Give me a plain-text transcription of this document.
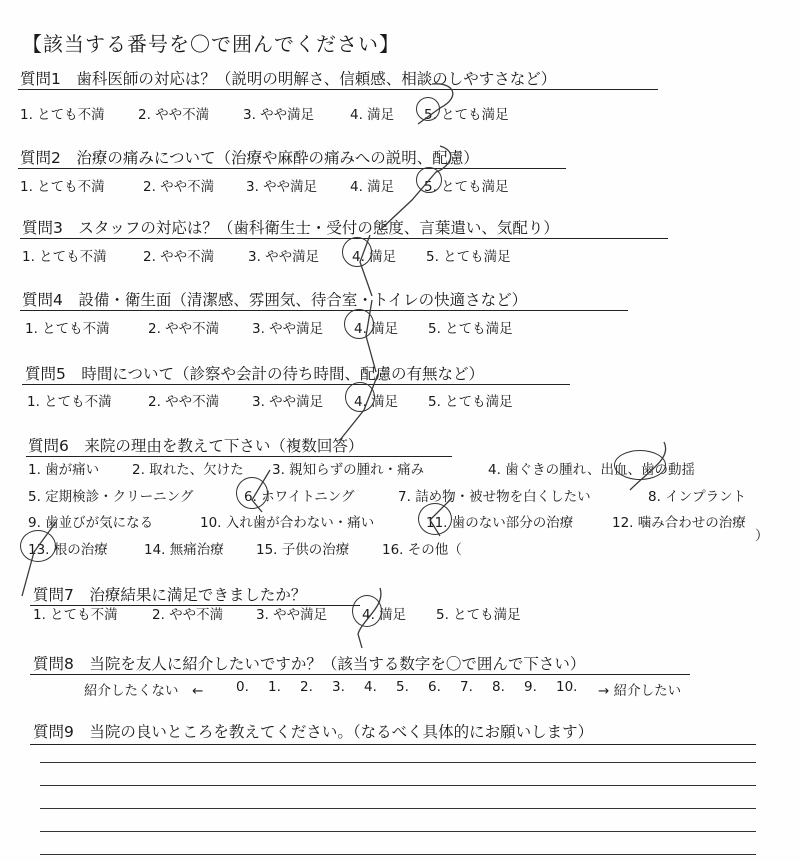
【該当する番号を〇で囲んでください】
質問1　歯科医師の対応は？（説明の明解さ、信頼感、相談のしやすさなど）
1. とても不満 2. やや不満	3. やや満足	4. 満足 5. とても満足
質問2　治療の痛みについて（治療や麻酔の痛みへの説明、配慮）
1. とても不満	2. やや不満 3. やや満足 4. 満足 5. とても満足
質問3　スタッフの対応は？（歯科衛生士・受付の態度、言葉遣い、気配り）
1. とても不満	2. やや不満	3. やや満足 4. 満足 5. とても満足
質問4　設備・衛生面（清潔感、雰囲気、待合室・トイレの快適さなど）
1. とても不満	2. やや不満 3. やや満足 4. 満足 5. とても満足
質問5　時間について（診察や会計の待ち時間、配慮の有無など）
1. とても不満	2. やや不満 3. やや満足 4. 満足 5. とても満足
質問6　来院の理由を教えて下さい（複数回答）
1. 歯が痛い 2. 取れた、欠けた 3. 親知らずの腫れ・痛み	4. 歯ぐきの腫れ、出血、歯の動揺
5. 定期検診・クリーニング	6. ホワイトニング	7. 詰め物・被せ物を白くしたい	8. インプラント
9. 歯並びが気になる	10. 入れ歯が合わない・痛い	11. 歯のない部分の治療	12. 噛み合わせの治療
13. 根の治療	14. 無痛治療 15. 子供の治療 16. その他（
）
質問7　治療結果に満足できましたか？
1. とても不満	2. やや不満 3. やや満足	4. 満足 5. とても満足
質問8　当院を友人に紹介したいですか？（該当する数字を〇で囲んで下さい）
紹介したくない　← 0. 1. 2. 3. 4. 5. 6. 7. 8. 9. 10. → 紹介したい
質問9　当院の良いところを教えてください。（なるべく具体的にお願いします）
